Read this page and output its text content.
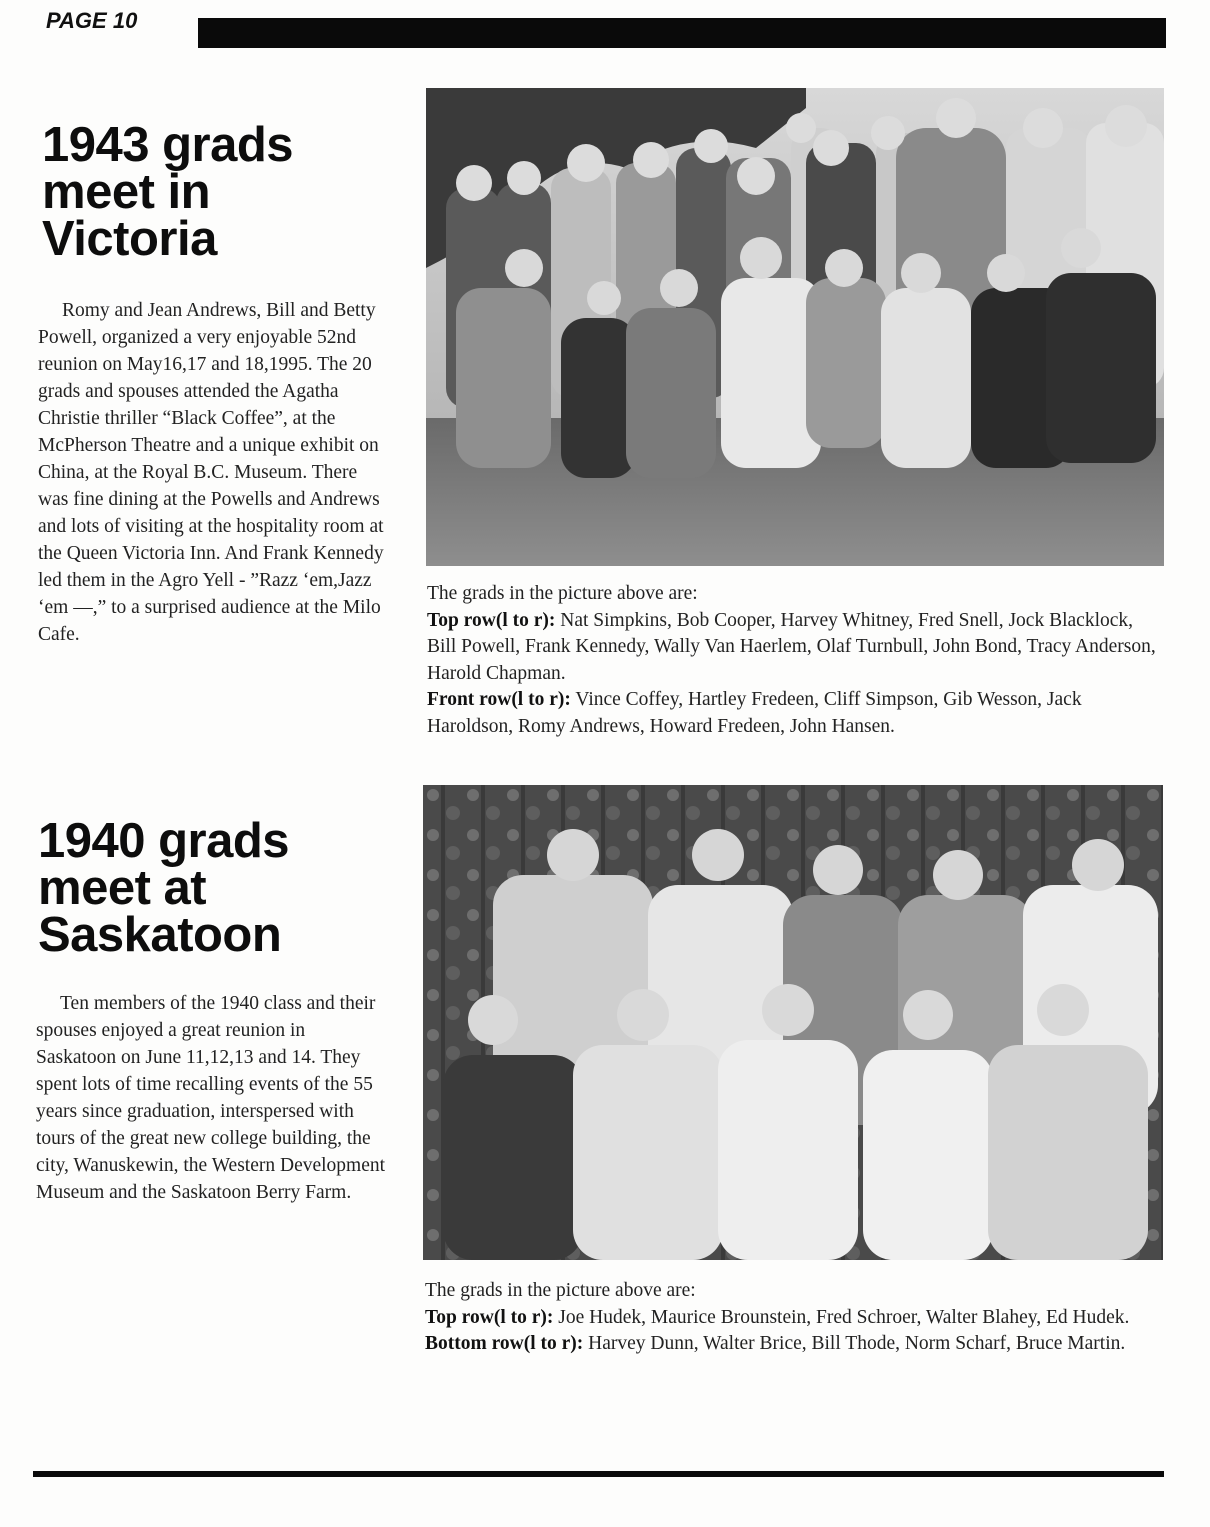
PAGE 10
1943 grads
meet in
Victoria

Romy and Jean Andrews, Bill and Betty Powell, organized a very enjoyable 52nd reunion on May16,17 and 18,1995. The 20 grads and spouses attended the Agatha Christie thriller “Black Coffee”, at the McPherson Theatre and a unique exhibit on China, at the Royal B.C. Museum. There was fine dining at the Powells and Andrews and lots of visiting at the hospitality room at the Queen Victoria Inn. And Frank Kennedy led them in the Agro Yell - ”Razz ‘em,Jazz ‘em —,” to a surprised audience at the Milo Cafe.

The grads in the picture above are:
Top row(l to r): Nat Simpkins, Bob Cooper, Harvey Whitney, Fred Snell, Jock Blacklock, Bill Powell, Frank Kennedy, Wally Van Haerlem, Olaf Turnbull, John Bond, Tracy Anderson, Harold Chapman.
Front row(l to r): Vince Coffey, Hartley Fredeen, Cliff Simpson, Gib Wesson, Jack Haroldson, Romy Andrews, Howard Fredeen, John Hansen.

1940 grads
meet at
Saskatoon

Ten members of the 1940 class and their spouses enjoyed a great reunion in Saskatoon on June 11,12,13 and 14. They spent lots of time recalling events of the 55 years since graduation, interspersed with tours of the great new college building, the city, Wanuskewin, the Western Development Museum and the Saskatoon Berry Farm.

The grads in the picture above are:
Top row(l to r): Joe Hudek, Maurice Brounstein, Fred Schroer, Walter Blahey, Ed Hudek.
Bottom row(l to r): Harvey Dunn, Walter Brice, Bill Thode, Norm Scharf, Bruce Martin.
